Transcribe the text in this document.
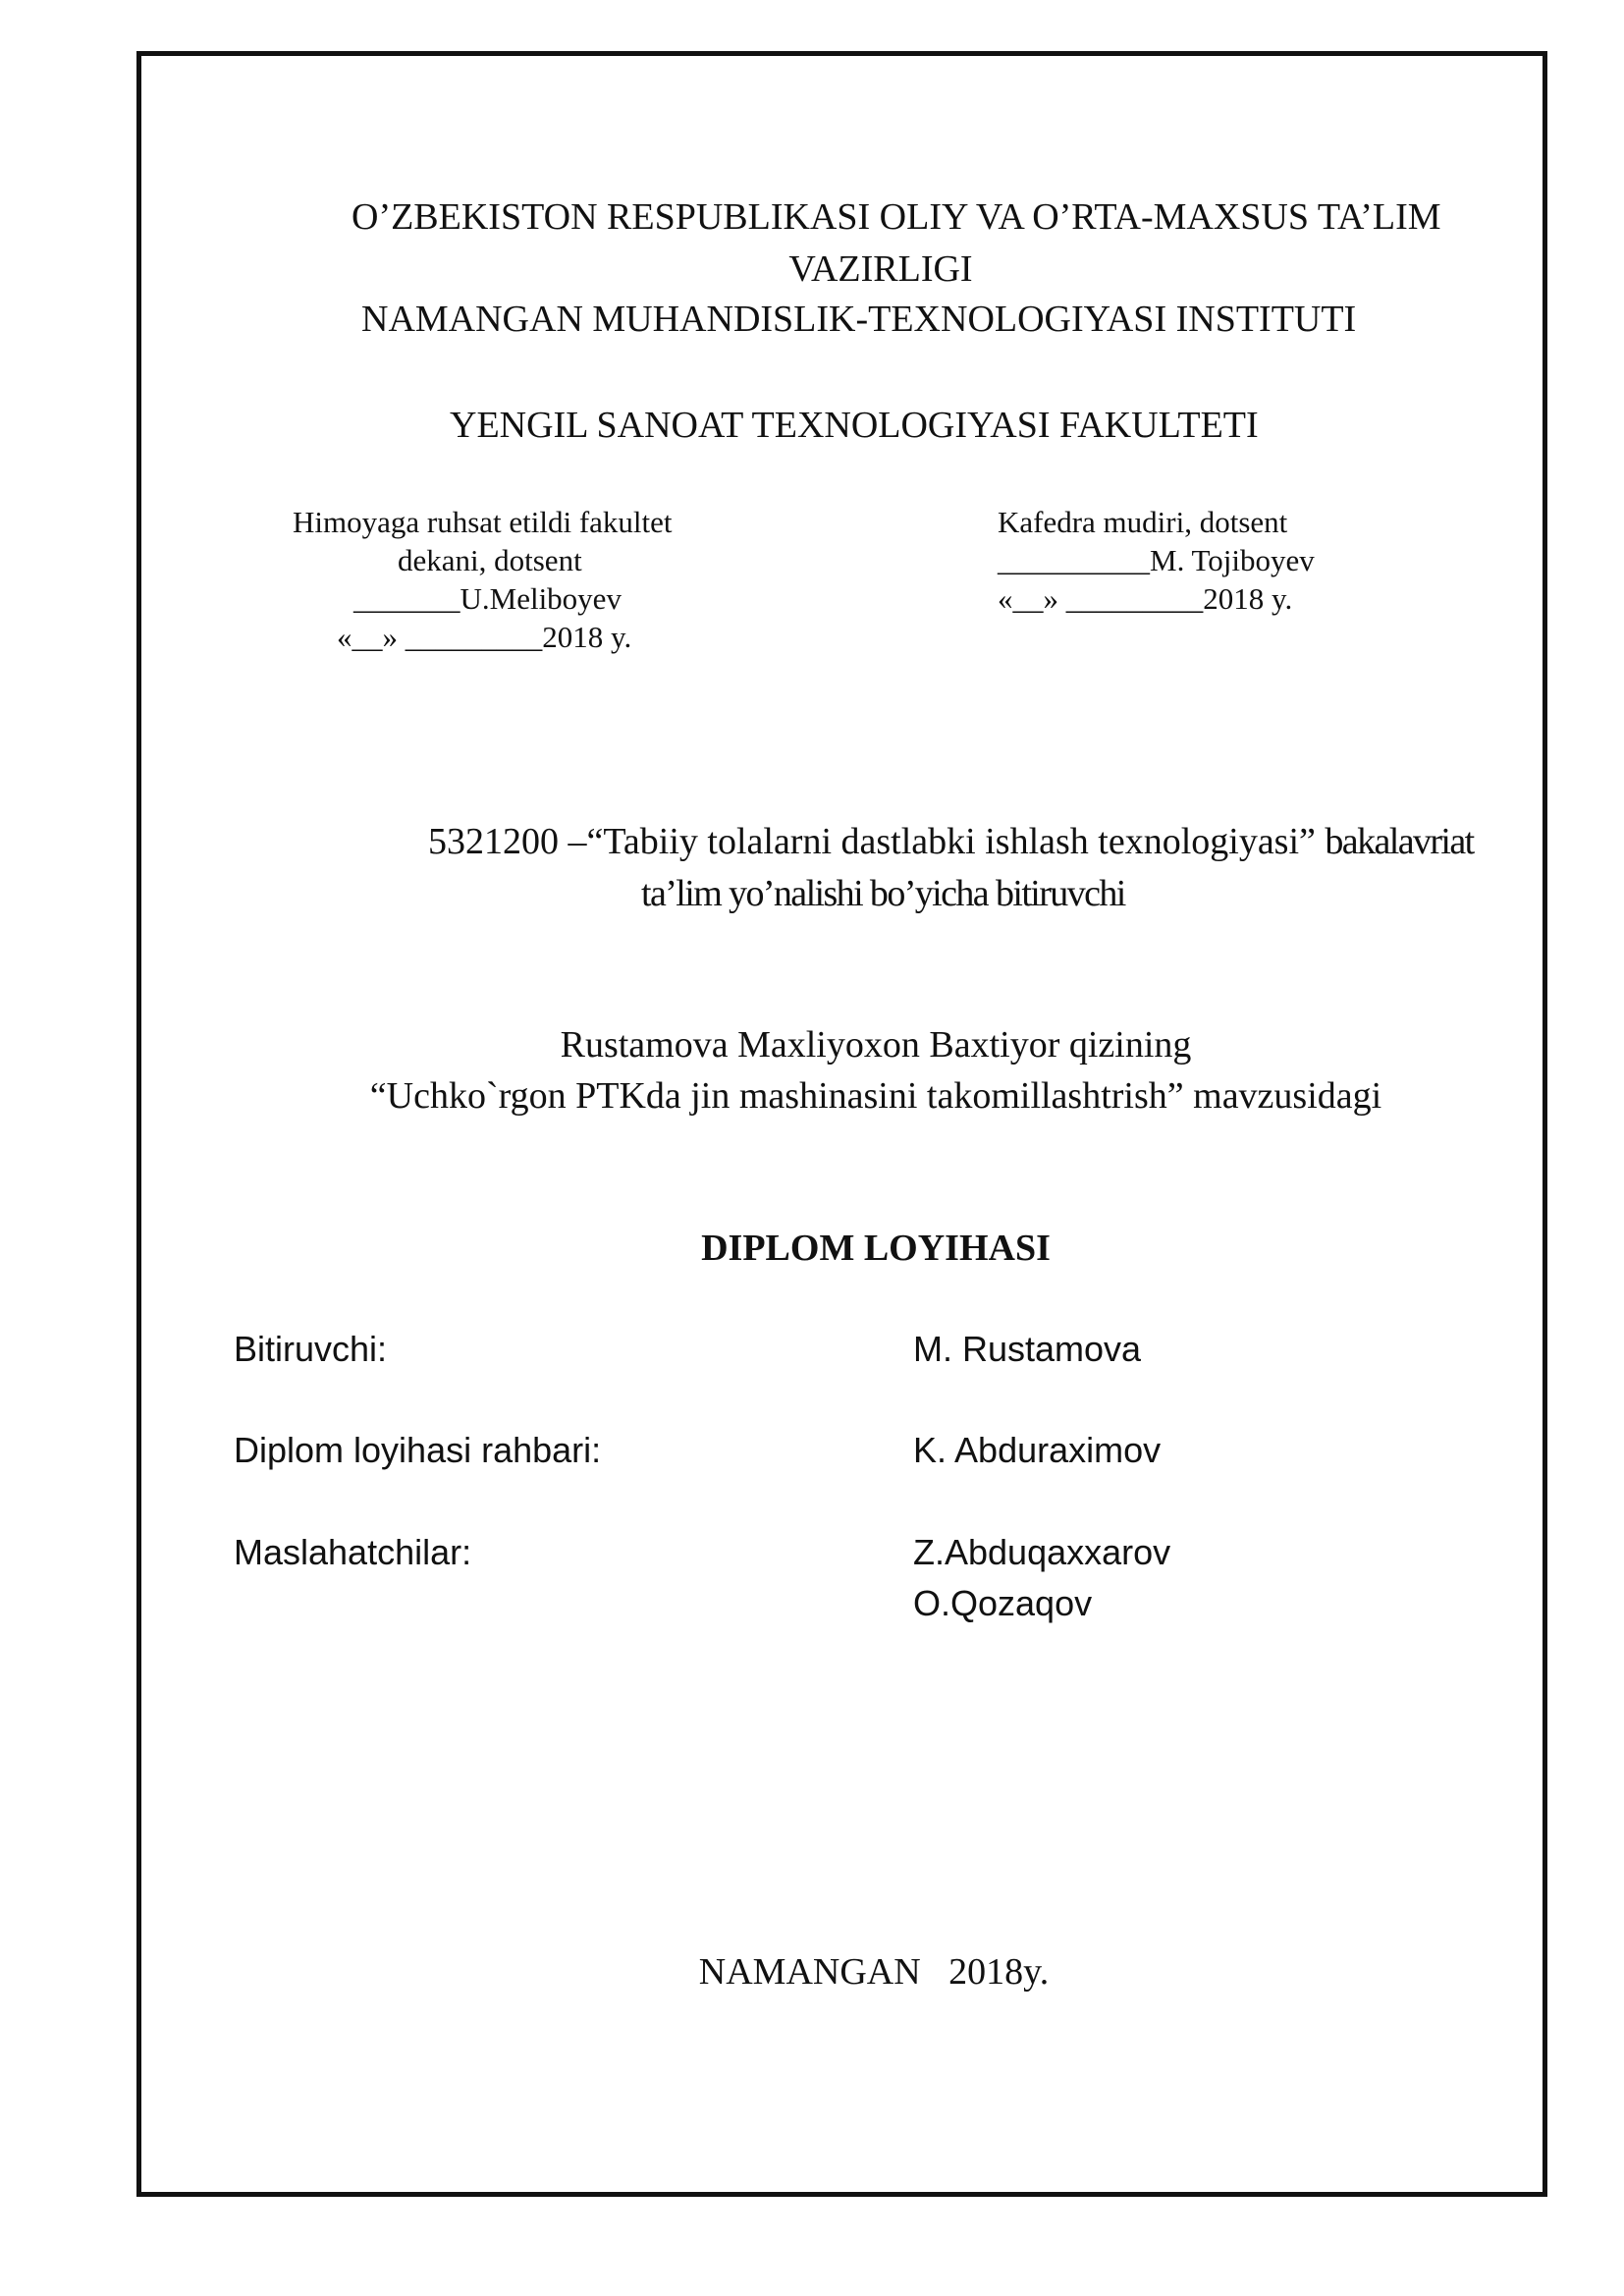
O’ZBEKISTON RESPUBLIKASI OLIY VA O’RTA-MAXSUS TA’LIM
VAZIRLIGI
NAMANGAN MUHANDISLIK-TEXNOLOGIYASI INSTITUTI
YENGIL SANOAT TEXNOLOGIYASI FAKULTETI
Himoyaga ruhsat etildi fakultet
dekani, dotsent
_______U.Meliboyev
«__» _________2018 y.
Kafedra mudiri, dotsent
__________M. Tojiboyev
«__» _________2018 y.
5321200 –“Tabiiy tolalarni dastlabki ishlash texnologiyasi” bakalavriat
ta’lim yo’nalishi bo’yicha bitiruvchi
Rustamova Maxliyoxon Baxtiyor qizining
“Uchko`rgon PTKda jin mashinasini takomillashtrish” mavzusidagi
DIPLOM LOYIHASI
Bitiruvchi:	M. Rustamova
Diplom loyihasi rahbari:	K. Abduraximov
Maslahatchilar:	Z.Abduqaxxarov
O.Qozaqov
NAMANGAN   2018y.
